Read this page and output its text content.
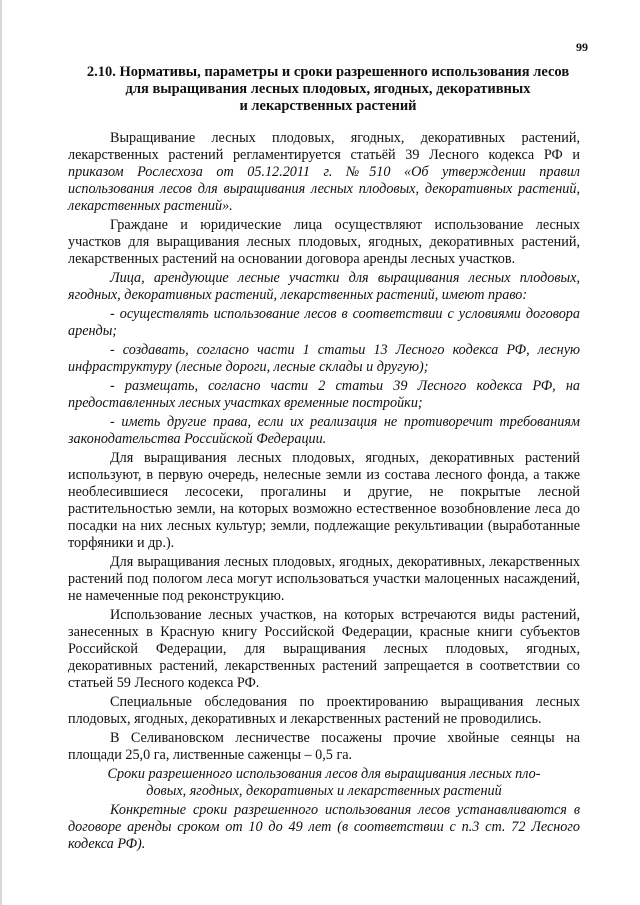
99
2.10. Нормативы, параметры и сроки разрешенного использования лесов
для выращивания лесных плодовых, ягодных, декоративных
и лекарственных растений

Выращивание лесных плодовых, ягодных, декоративных растений, лекарственных растений регламентируется статьёй 39 Лесного кодекса РФ и приказом Рослесхоза от 05.12.2011 г. №510 «Об утверждении правил использования лесов для выращивания лесных плодовых, декоративных растений, лекарственных растений».

Граждане и юридические лица осуществляют использование лесных участков для выращивания лесных плодовых, ягодных, декоративных растений, лекарственных растений на основании договора аренды лесных участков.

Лица, арендующие лесные участки для выращивания лесных плодовых, ягодных, декоративных растений, лекарственных растений, имеют право:

- осуществлять использование лесов в соответствии с условиями договора аренды;

- создавать, согласно части 1 статьи 13 Лесного кодекса РФ, лесную инфраструктуру (лесные дороги, лесные склады и другую);

- размещать, согласно части 2 статьи 39 Лесного кодекса РФ, на предоставленных лесных участках временные постройки;

- иметь другие права, если их реализация не противоречит требованиям законодательства Российской Федерации.

Для выращивания лесных плодовых, ягодных, декоративных растений используют, в первую очередь, нелесные земли из состава лесного фонда, а также необлесившиеся лесосеки, прогалины и другие, не покрытые лесной растительностью земли, на которых возможно естественное возобновление леса до посадки на них лесных культур; земли, подлежащие рекультивации (выработанные торфяники и др.).

Для выращивания лесных плодовых, ягодных, декоративных, лекарственных растений под пологом леса могут использоваться участки малоценных насаждений, не намеченные под реконструкцию.

Использование лесных участков, на которых встречаются виды растений, занесенных в Красную книгу Российской Федерации, красные книги субъектов Российской Федерации, для выращивания лесных плодовых, ягодных, декоративных растений, лекарственных растений запрещается в соответствии со статьей 59 Лесного кодекса РФ.

Специальные обследования по проектированию выращивания лесных плодовых, ягодных, декоративных и лекарственных растений не проводились.

В Селивановском лесничестве посажены прочие хвойные сеянцы на площади 25,0 га, лиственные саженцы – 0,5 га.

Сроки разрешенного использования лесов для выращивания лесных пло-
довых, ягодных, декоративных и лекарственных растений

Конкретные сроки разрешенного использования лесов устанавливаются в договоре аренды сроком от 10 до 49 лет (в соответствии с п.3 ст. 72 Лесного кодекса РФ).
